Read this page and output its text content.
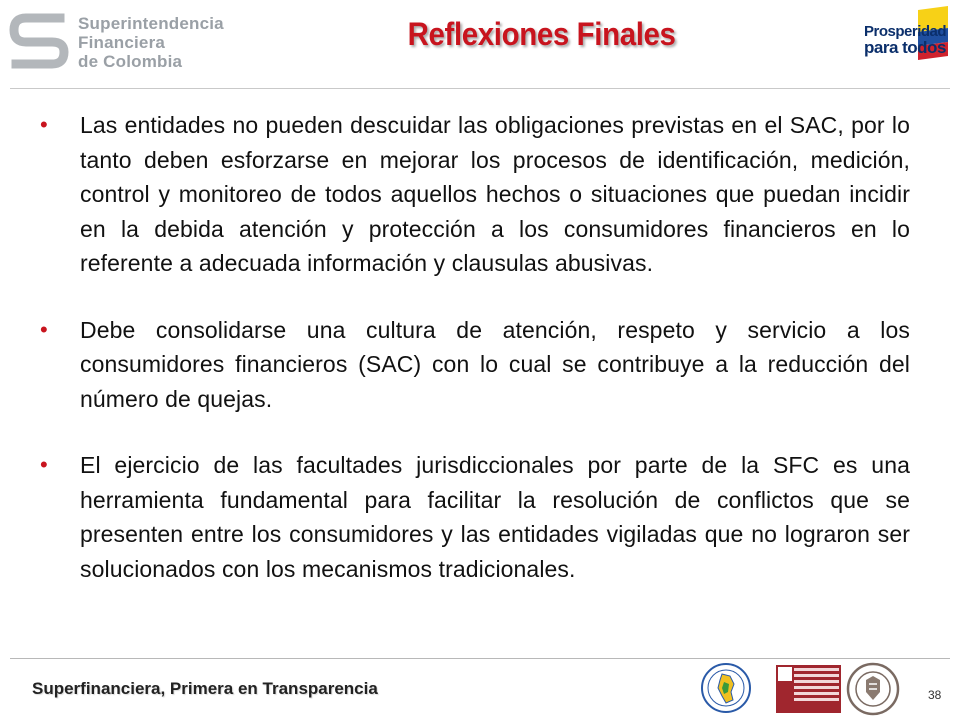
Superintendencia
Financiera
de Colombia
Reflexiones Finales	Prosperidad
para todos
• Las entidades no pueden descuidar las obligaciones previstas en el SAC, por lo tanto deben esforzarse en mejorar los procesos de identificación, medición, control y monitoreo de todos aquellos hechos o situaciones que puedan incidir en la debida atención y protección a los consumidores financieros en lo referente a adecuada información y clausulas abusivas.

• Debe consolidarse una cultura de atención, respeto y servicio a los consumidores financieros (SAC) con lo cual se contribuye a la reducción del número de quejas.

• El ejercicio de las facultades jurisdiccionales por parte de la SFC es una herramienta fundamental para facilitar la resolución de conflictos que se presenten entre los consumidores y las entidades vigiladas que no lograron ser solucionados con los mecanismos tradicionales.

Superfinanciera, Primera en Transparencia	38
